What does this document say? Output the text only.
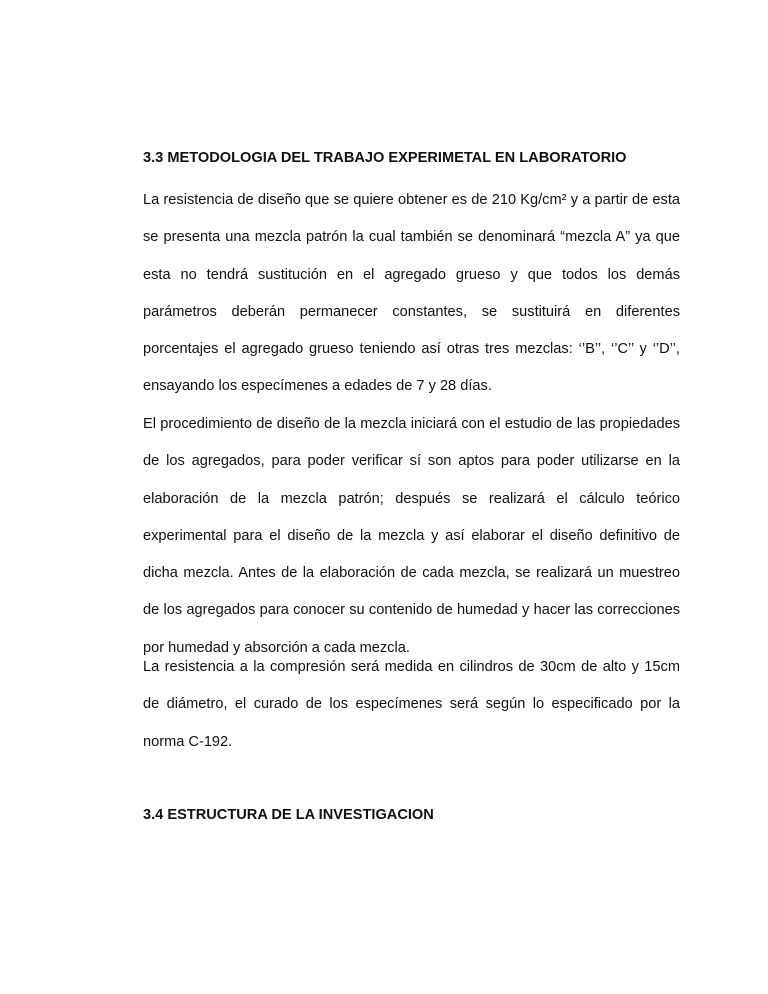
3.3 METODOLOGIA DEL TRABAJO EXPERIMETAL EN LABORATORIO

La resistencia de diseño que se quiere obtener es de 210 Kg/cm² y a partir de esta se presenta una mezcla patrón la cual también se denominará “mezcla A” ya que esta no tendrá sustitución en el agregado grueso y que todos los demás parámetros deberán permanecer constantes, se sustituirá en diferentes porcentajes el agregado grueso teniendo así otras tres mezclas: ‘’B’’, ‘’C’’ y ‘’D’’, ensayando los especímenes a edades de 7 y 28 días.

El procedimiento de diseño de la mezcla iniciará con el estudio de las propiedades de los agregados, para poder verificar sí son aptos para poder utilizarse en la elaboración de la mezcla patrón; después se realizará el cálculo teórico experimental para el diseño de la mezcla y así elaborar el diseño definitivo de dicha mezcla. Antes de la elaboración de cada mezcla, se realizará un muestreo de los agregados para conocer su contenido de humedad y hacer las correcciones por humedad y absorción a cada mezcla.

La resistencia a la compresión será medida en cilindros de 30cm de alto y 15cm de diámetro, el curado de los especímenes será según lo especificado por la norma C-192.

3.4 ESTRUCTURA DE LA INVESTIGACION
